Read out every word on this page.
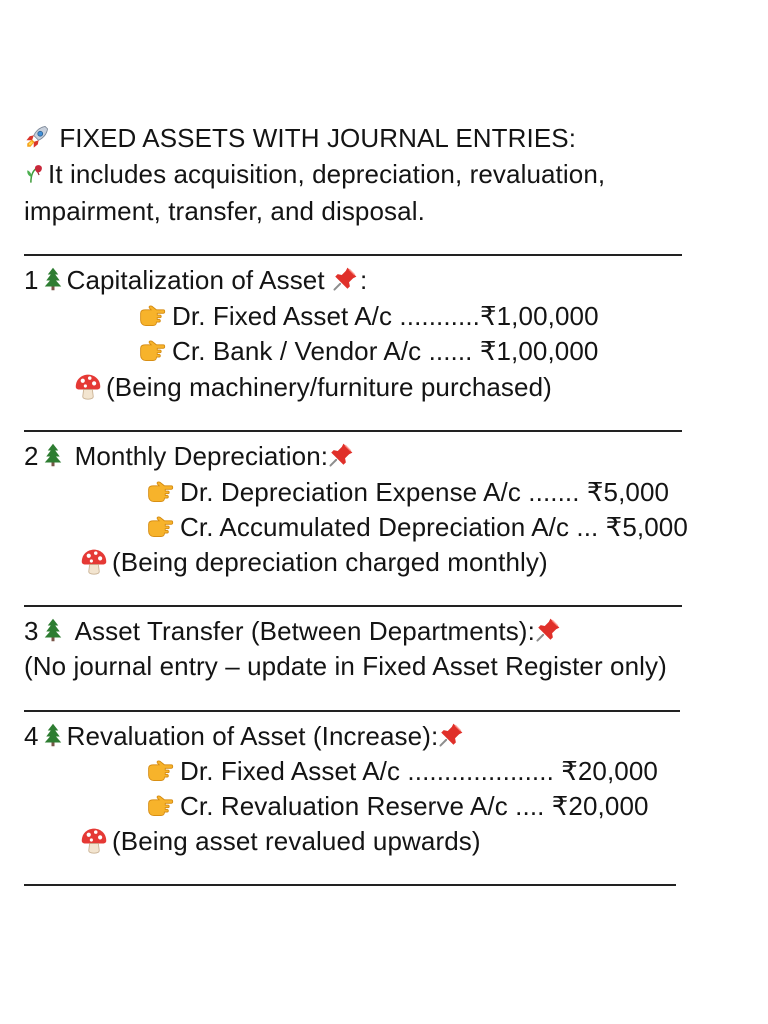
FIXED ASSETS WITH JOURNAL ENTRIES:
It includes acquisition, depreciation, revaluation,
impairment, transfer, and disposal.
1 Capitalization of Asset :
Dr. Fixed Asset A/c ...........₹1,00,000
Cr. Bank / Vendor A/c ...... ₹1,00,000
(Being machinery/furniture purchased)
2 Monthly Depreciation:
Dr. Depreciation Expense A/c ....... ₹5,000
Cr. Accumulated Depreciation A/c ... ₹5,000
(Being depreciation charged monthly)
3 Asset Transfer (Between Departments):
(No journal entry – update in Fixed Asset Register only)
4 Revaluation of Asset (Increase):
Dr. Fixed Asset A/c .................... ₹20,000
Cr. Revaluation Reserve A/c .... ₹20,000
(Being asset revalued upwards)
